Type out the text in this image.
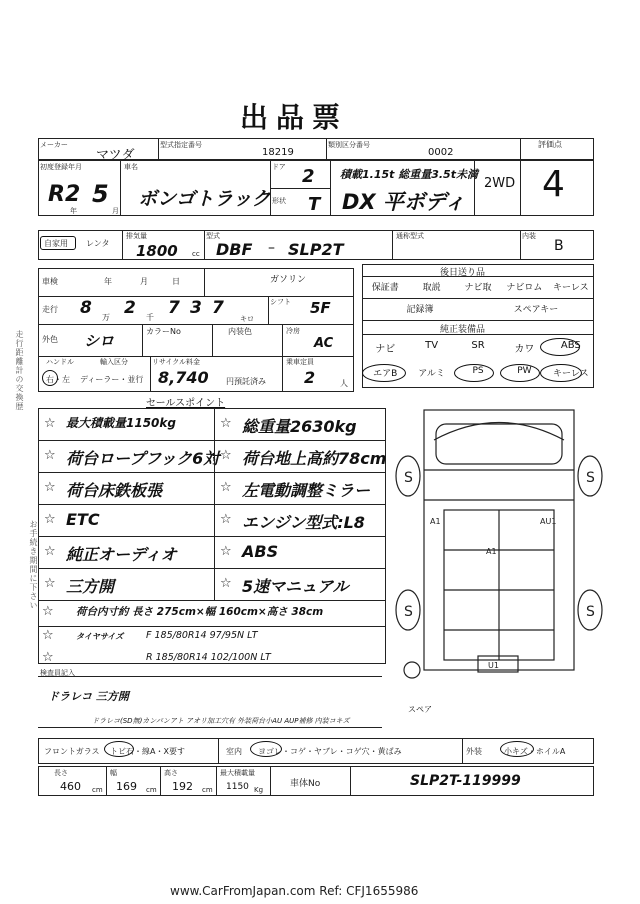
出品票
走行距離計の交換歴
お手続き期間に下さい
メーカー
マツダ
型式指定番号
18219
類別区分番号
0002
評価点
初度登録年月
R2 5
年	月
車名
ボンゴトラック
ドア 2
形状 T
積載1.15t 総重量3.5t未満
DX 平ボディ
2WD 4
自家用 レンタ
排気量
1800 cc
型式
DBF – SLP2T
通称型式	内装
B
車検	年	月	日	ガソリン
走行 8 万 2 千 7 3 7	シフト 5F
キロ
外色 シロ
カラーNo	内装色	冷房
AC
ハンドル
右・左
輸入区分
ディーラー・並行
リサイクル料金
8,740 円預託済み
乗車定員
2	人
後日送り品
保証書	取説	ナビ取	ナビロム	キーレス
記録簿	スペアキー
純正装備品
ナビ	TV	SR	カワ	ABS
エアB	アルミ	PS	PW	キーレス
セールスポイント
☆ 最大積載量1150kg	☆ 総重量2630kg
☆ 荷台ロープフック6対 ☆ 荷台地上高約78cm
☆ 荷台床鉄板張	☆ 左電動調整ミラー
☆ ETC	☆ エンジン型式:L8
☆ 純正オーディオ	☆ ABS
☆ 三方開	☆ 5速マニュアル
☆ 荷台内寸約 長さ 275cm×幅 160cm×高さ 38cm
☆	タイヤサイズ F 185/80R14 97/95N LT
☆	R 185/80R14 102/100N LT
検査員記入
ドラレコ 三方開
ドラレコ(SD無)カンパンアト アオリ加工穴有 外装荷台小AU AUP補修 内装コキズ
スペア
A1	AU1
A1
U1
S	S
S	S
フロントガラス トビ石・線A・X要す	室内 ヨゴレ・コゲ・ヤブレ・コゲ穴・黄ばみ	外装	小キズ・ホイルA
長さ
460 cm
幅
169 cm
高さ
192 cm
最大積載量
1150 Kg
車体No	SLP2T-119999
www.CarFromJapan.com Ref: CFJ1655986
